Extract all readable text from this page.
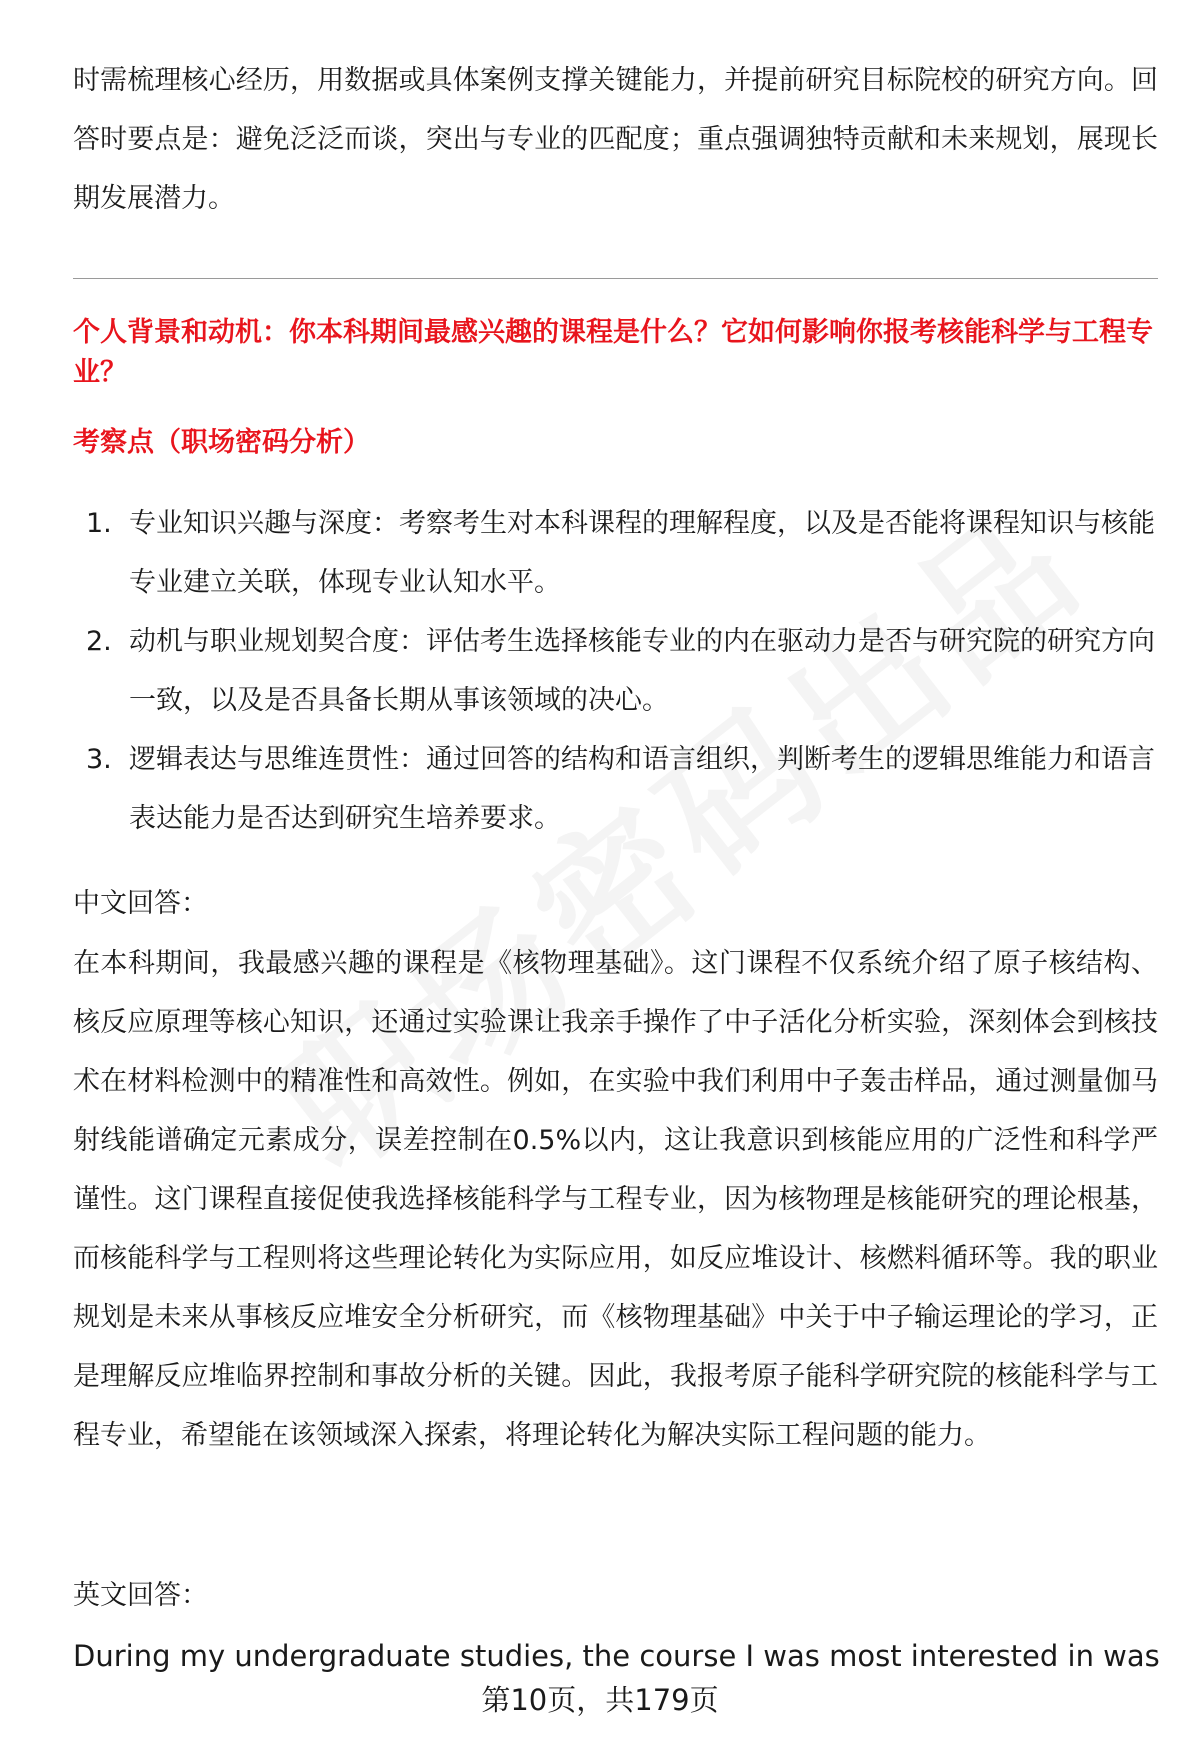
时需梳理核心经历，用数据或具体案例支撑关键能力，并提前研究目标院校的研究方向。回答时要点是：避免泛泛而谈，突出与专业的匹配度；重点强调独特贡献和未来规划，展现长期发展潜力。

个人背景和动机：你本科期间最感兴趣的课程是什么？它如何影响你报考核能科学与工程专业？
考察点（职场密码分析）
1. 专业知识兴趣与深度：考察考生对本科课程的理解程度，以及是否能将课程知识与核能专业建立关联，体现专业认知水平。
2. 动机与职业规划契合度：评估考生选择核能专业的内在驱动力是否与研究院的研究方向一致，以及是否具备长期从事该领域的决心。
3. 逻辑表达与思维连贯性：通过回答的结构和语言组织，判断考生的逻辑思维能力和语言表达能力是否达到研究生培养要求。

中文回答：

在本科期间，我最感兴趣的课程是《核物理基础》。这门课程不仅系统介绍了原子核结构、核反应原理等核心知识，还通过实验课让我亲手操作了中子活化分析实验，深刻体会到核技术在材料检测中的精准性和高效性。例如，在实验中我们利用中子轰击样品，通过测量伽马射线能谱确定元素成分，误差控制在0.5%以内，这让我意识到核能应用的广泛性和科学严谨性。这门课程直接促使我选择核能科学与工程专业，因为核物理是核能研究的理论根基，而核能科学与工程则将这些理论转化为实际应用，如反应堆设计、核燃料循环等。我的职业规划是未来从事核反应堆安全分析研究，而《核物理基础》中关于中子输运理论的学习，正是理解反应堆临界控制和事故分析的关键。因此，我报考原子能科学研究院的核能科学与工程专业，希望能在该领域深入探索，将理论转化为解决实际工程问题的能力。

英文回答：

During my undergraduate studies, the course I was most interested in was

第10页，共179页
